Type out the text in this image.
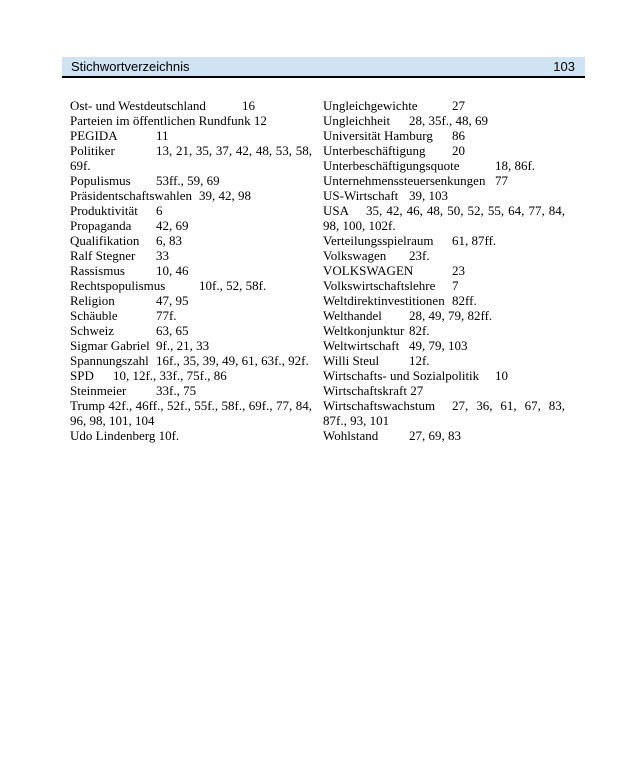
Stichwortverzeichnis	103
Ost- und Westdeutschland	16
Parteien im öffentlichen Rundfunk 12
PEGIDA	11
Politiker	13, 21, 35, 37, 42, 48, 53, 58, 69f.
Populismus 53ff., 59, 69
Präsidentschaftswahlen 39, 42, 98
Produktivität 6
Propaganda 42, 69
Qualifikation 6, 83
Ralf Stegner 33
Rassismus 10, 46
Rechtspopulismus	10f., 52, 58f.
Religion	47, 95
Schäuble	77f.
Schweiz	63, 65
Sigmar Gabriel 9f., 21, 33
Spannungszahl 16f., 35, 39, 49, 61, 63f., 92f.
SPD 10, 12f., 33f., 75f., 86
Steinmeier 33f., 75
Trump 42f., 46ff., 52f., 55f., 58f., 69f., 77, 84, 96, 98, 101, 104
Udo Lindenberg 10f.
Ungleichgewichte	27
Ungleichheit 28, 35f., 48, 69
Universität Hamburg 86
Unterbeschäftigung 20
Unterbeschäftigungsquote	18, 86f.
Unternehmenssteuersenkungen 77
US-Wirtschaft 39, 103
USA 35, 42, 46, 48, 50, 52, 55, 64, 77, 84, 98, 100, 102f.
Verteilungsspielraum 61, 87ff.
Volkswagen 23f.
VOLKSWAGEN	23
Volkswirtschaftslehre 7
Weltdirektinvestitionen 82ff.
Welthandel 28, 49, 79, 82ff.
Weltkonjunktur 82f.
Weltwirtschaft 49, 79, 103
Willi Steul 12f.
Wirtschafts- und Sozialpolitik 10
Wirtschaftskraft 27
Wirtschaftswachstum 27, 36, 61, 67, 83, 87f., 93, 101
Wohlstand 27, 69, 83
